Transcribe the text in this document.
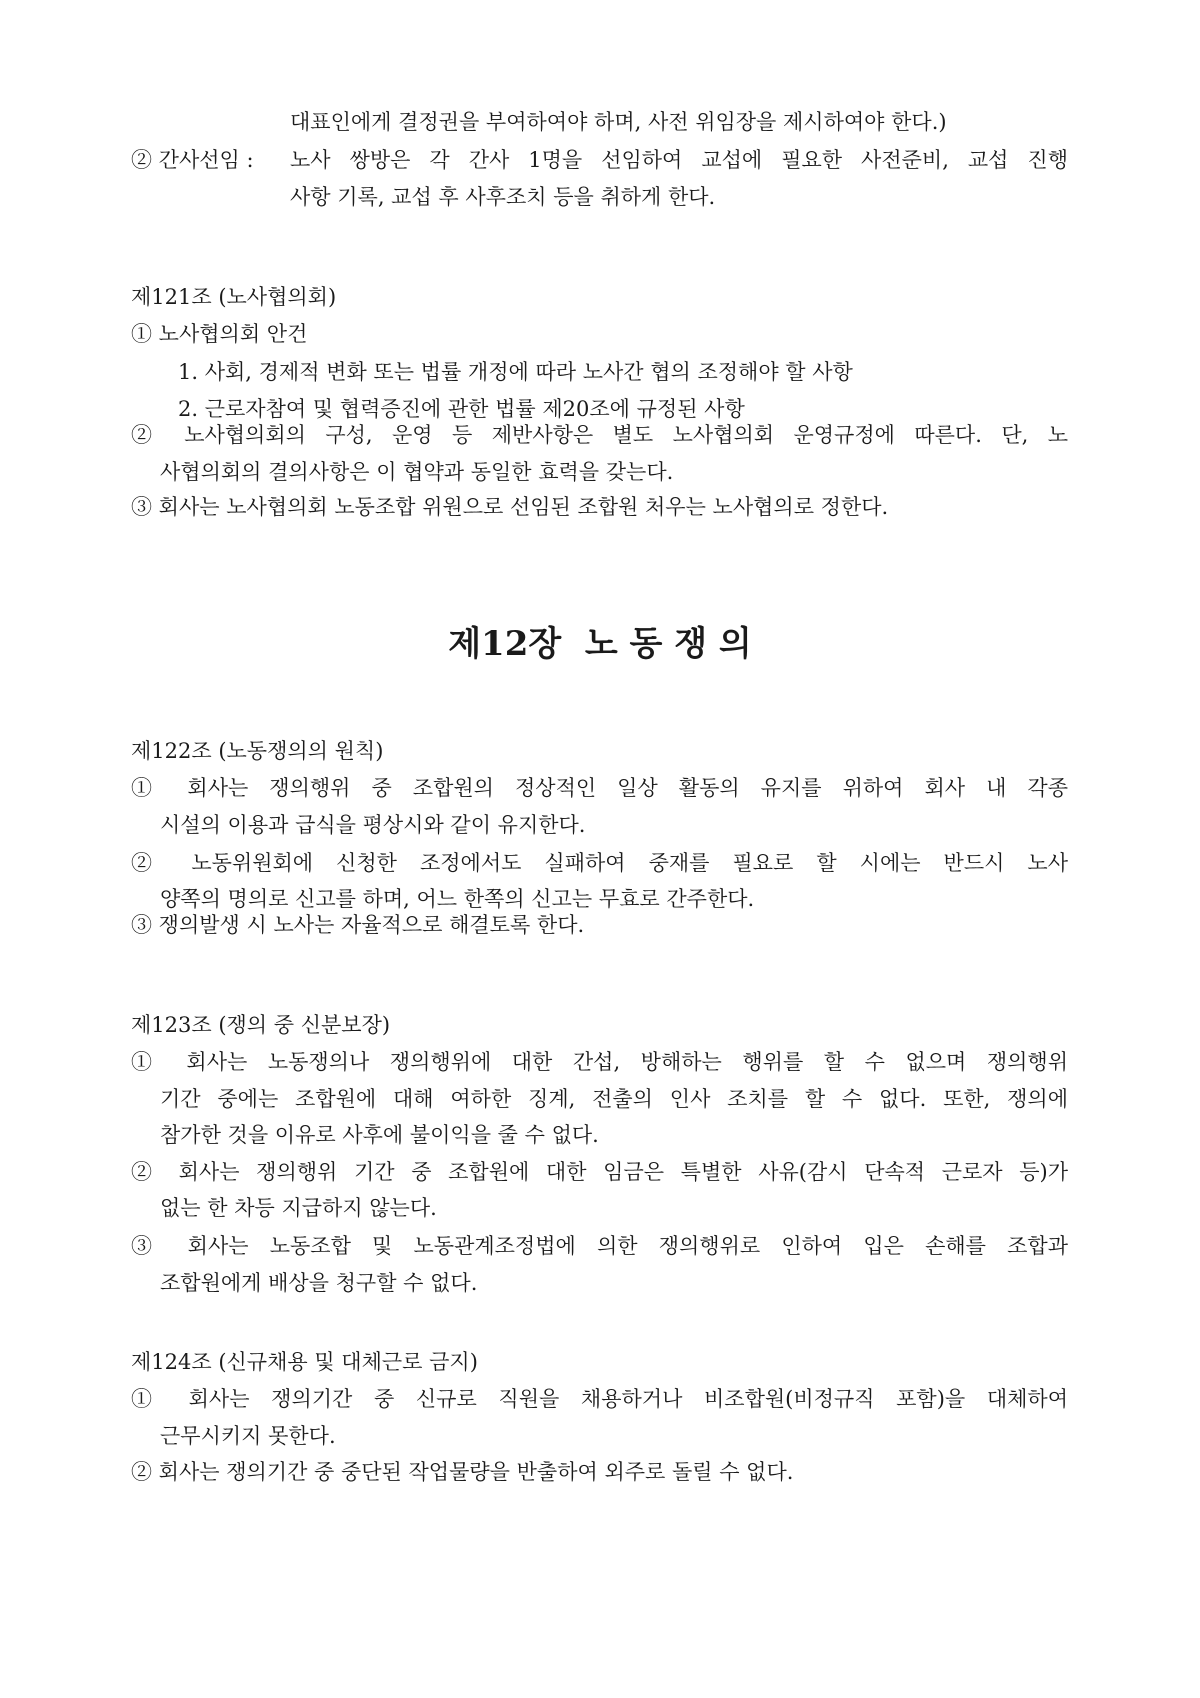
대표인에게 결정권을 부여하여야 하며, 사전 위임장을 제시하여야 한다.)
② 간사선임 : 노사 쌍방은 각 간사 1명을 선임하여 교섭에 필요한 사전준비, 교섭 진행
사항 기록, 교섭 후 사후조치 등을 취하게 한다.
제121조 (노사협의회)
① 노사협의회 안건
1. 사회, 경제적 변화 또는 법률 개정에 따라 노사간 협의 조정해야 할 사항
2. 근로자참여 및 협력증진에 관한 법률 제20조에 규정된 사항
② 노사협의회의 구성, 운영 등 제반사항은 별도 노사협의회 운영규정에 따른다. 단, 노
사협의회의 결의사항은 이 협약과 동일한 효력을 갖는다.
③ 회사는 노사협의회 노동조합 위원으로 선임된 조합원 처우는 노사협의로 정한다.
제12장  노 동 쟁 의
제122조 (노동쟁의의 원칙)
① 회사는 쟁의행위 중 조합원의 정상적인 일상 활동의 유지를 위하여 회사 내 각종
시설의 이용과 급식을 평상시와 같이 유지한다.
② 노동위원회에 신청한 조정에서도 실패하여 중재를 필요로 할 시에는 반드시 노사
양쪽의 명의로 신고를 하며, 어느 한쪽의 신고는 무효로 간주한다.
③ 쟁의발생 시 노사는 자율적으로 해결토록 한다.
제123조 (쟁의 중 신분보장)
① 회사는 노동쟁의나 쟁의행위에 대한 간섭, 방해하는 행위를 할 수 없으며 쟁의행위
기간 중에는 조합원에 대해 여하한 징계, 전출의 인사 조치를 할 수 없다. 또한, 쟁의에
참가한 것을 이유로 사후에 불이익을 줄 수 없다.
② 회사는 쟁의행위 기간 중 조합원에 대한 임금은 특별한 사유(감시 단속적 근로자 등)가
없는 한 차등 지급하지 않는다.
③ 회사는 노동조합 및 노동관계조정법에 의한 쟁의행위로 인하여 입은 손해를 조합과
조합원에게 배상을 청구할 수 없다.
제124조 (신규채용 및 대체근로 금지)
① 회사는 쟁의기간 중 신규로 직원을 채용하거나 비조합원(비정규직 포함)을 대체하여
근무시키지 못한다.
② 회사는 쟁의기간 중 중단된 작업물량을 반출하여 외주로 돌릴 수 없다.
